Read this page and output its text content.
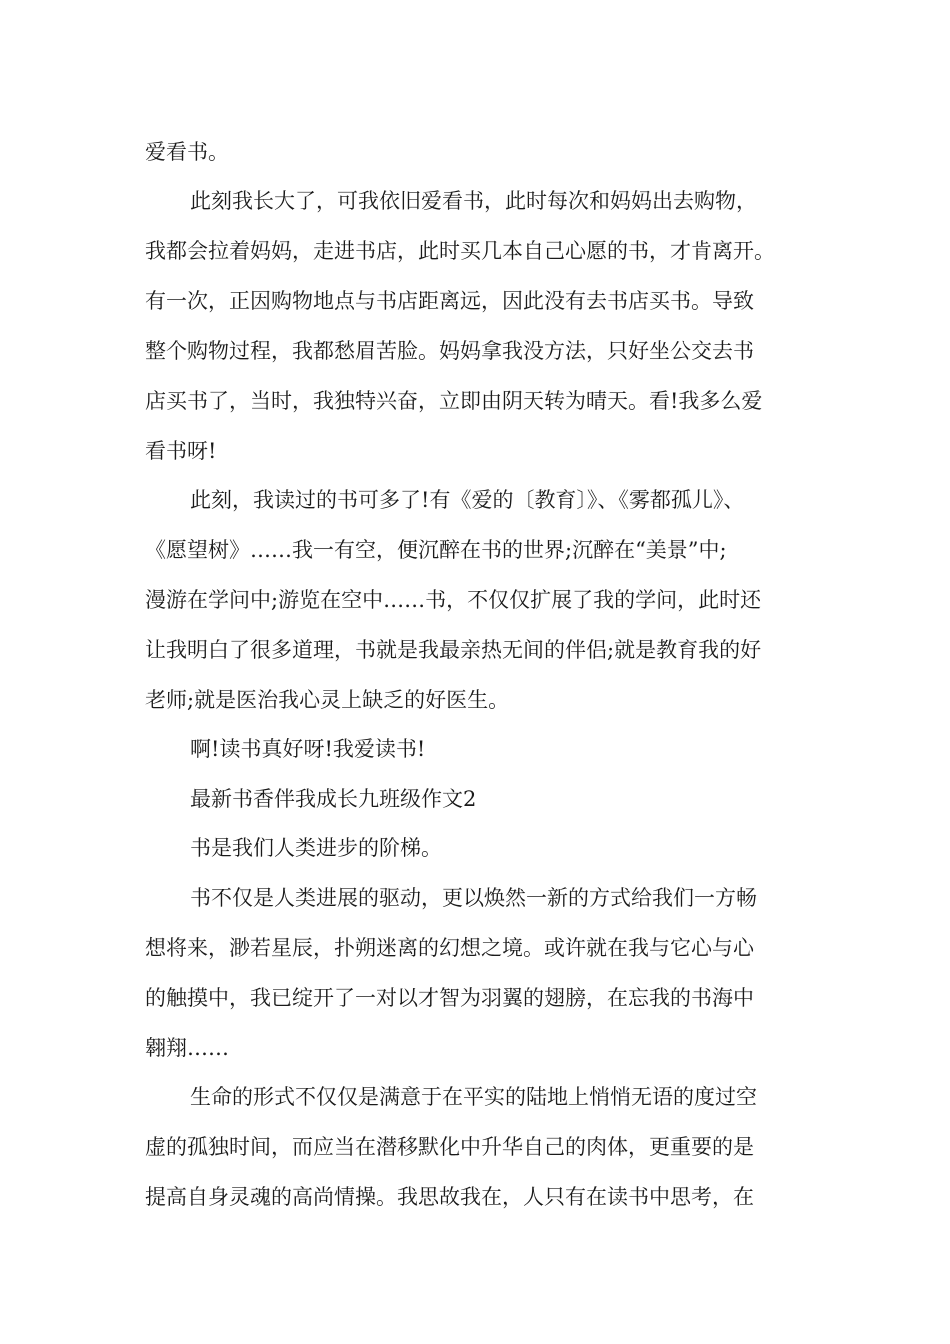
爱看书。
此刻我长大了，可我依旧爱看书，此时每次和妈妈出去购物，
我都会拉着妈妈，走进书店，此时买几本自己心愿的书，才肯离开。
有一次，正因购物地点与书店距离远，因此没有去书店买书。导致
整个购物过程，我都愁眉苦脸。妈妈拿我没方法，只好坐公交去书
店买书了，当时，我独特兴奋，立即由阴天转为晴天。看!我多么爱
看书呀!
此刻，我读过的书可多了!有《爱的〔教育〕》、《雾都孤儿》、
《愿望树》……我一有空，便沉醉在书的世界;沉醉在“美景”中;
漫游在学问中;游览在空中……书，不仅仅扩展了我的学问，此时还
让我明白了很多道理，书就是我最亲热无间的伴侣;就是教育我的好
老师;就是医治我心灵上缺乏的好医生。
啊!读书真好呀!我爱读书!
最新书香伴我成长九班级作文2
书是我们人类进步的阶梯。
书不仅是人类进展的驱动，更以焕然一新的方式给我们一方畅
想将来，渺若星辰，扑朔迷离的幻想之境。或许就在我与它心与心
的触摸中，我已绽开了一对以才智为羽翼的翅膀，在忘我的书海中
翱翔……
生命的形式不仅仅是满意于在平实的陆地上悄悄无语的度过空
虚的孤独时间，而应当在潜移默化中升华自己的肉体，更重要的是
提高自身灵魂的高尚情操。我思故我在，人只有在读书中思考，在
